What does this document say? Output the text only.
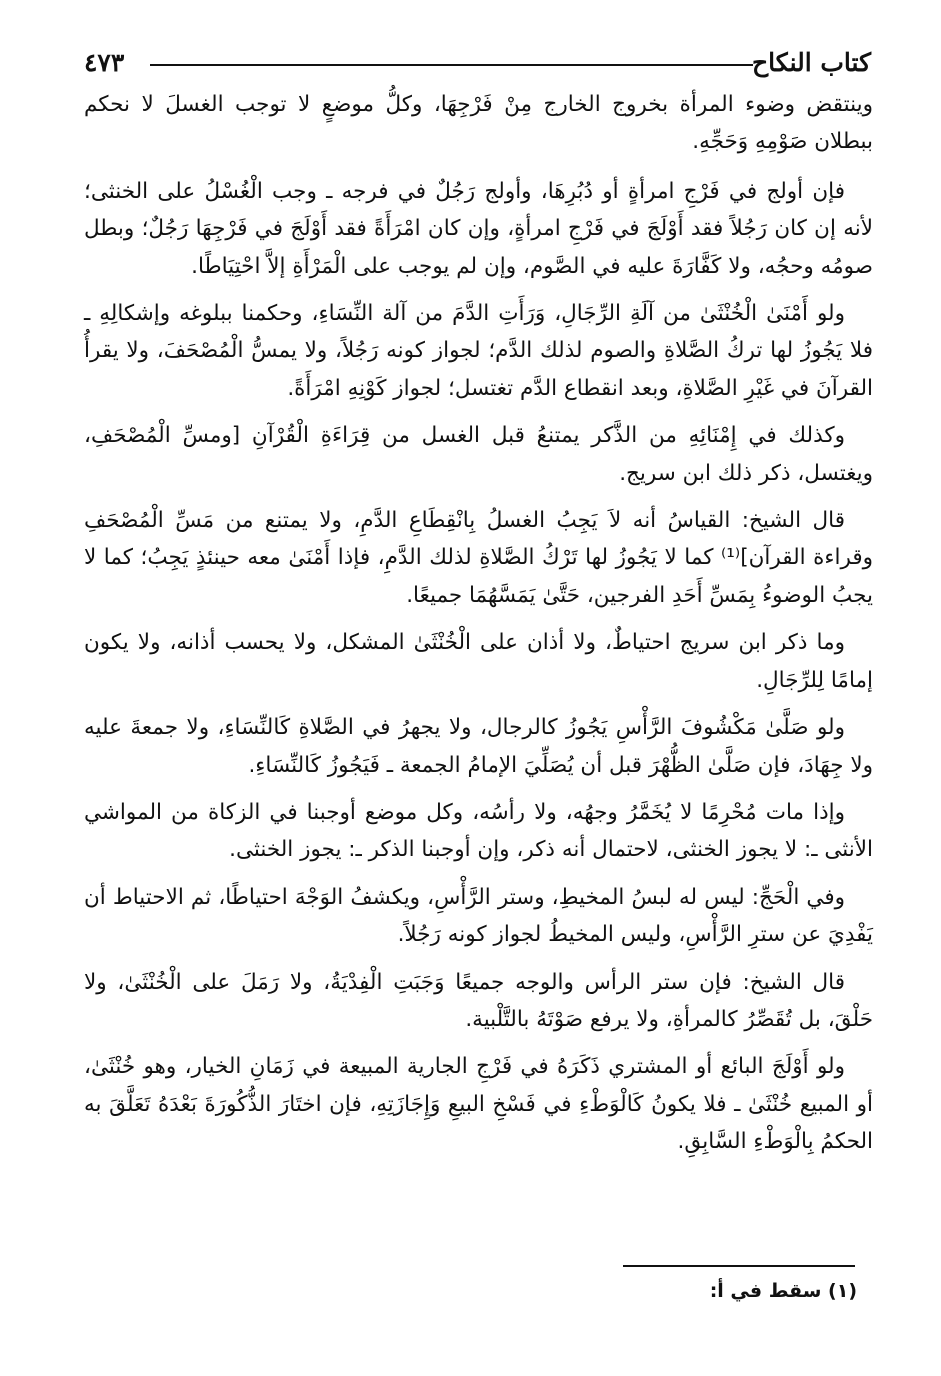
كتاب النكاح
٤٧٣

وينتقض وضوء المرأة بخروج الخارج مِنْ فَرْجِهَا، وكلُّ موضعٍ لا توجب الغسلَ لا نحكم ببطلان صَوْمِهِ وَحَجِّهِ.

فإن أولج في فَرْجِ امرأةٍ أو دُبُرِهَا، وأولج رَجُلٌ في فرجه ـ وجب الْغُسْلُ على الخنثى؛ لأنه إن كان رَجُلاً فقد أَوْلَجَ في فَرْجِ امرأةٍ، وإن كان امْرَأَةً فقد أَوْلَجَ في فَرْجِهَا رَجُلٌ؛ وبطل صومُه وحجُه، ولا كَفَّارَةَ عليه في الصَّوم، وإن لم يوجب على الْمَرْأَةِ إلاَّ احْتِيَاطًا.

ولو أَمْنَىٰ الْخُنْثَىٰ من آلَةِ الرِّجَالِ، وَرَأَتِ الدَّمَ من آلة النِّسَاءِ، وحكمنا ببلوغه وإشكالِهِ ـ فلا يَجُوزُ لها تركُ الصَّلاةِ والصوم لذلك الدَّم؛ لجواز كونه رَجُلاً، ولا يمسُّ الْمُصْحَفَ، ولا يقرأُ القرآنَ في غَيْرِ الصَّلاةِ، وبعد انقطاع الدَّم تغتسل؛ لجواز كَوْنِهِ امْرَأَةً.

وكذلك في إِمْنَائِهِ من الذَّكر يمتنعُ قبل الغسل من قِرَاءَةِ الْقُرْآنِ [ومسِّ الْمُصْحَفِ، ويغتسل، ذكر ذلك ابن سريج.

قال الشيخ: القياسُ أنه لاَ يَجِبُ الغسلُ بِانْقِطَاعِ الدَّمِ، ولا يمتنع من مَسِّ الْمُصْحَفِ وقراءة القرآن]⁽¹⁾ كما لا يَجُوزُ لها تَرْكُ الصَّلاةِ لذلك الدَّمِ، فإذا أَمْنَىٰ معه حينئذٍ يَجِبُ؛ كما لا يجبُ الوضوءُ بِمَسِّ أَحَدِ الفرجين، حَتَّىٰ يَمَسَّهُمَا جميعًا.

وما ذكر ابن سريج احتياطٌ، ولا أذان على الْخُنْثَىٰ المشكل، ولا يحسب أذانه، ولا يكون إمامًا لِلرِّجَالِ.

ولو صَلَّىٰ مَكْشُوفَ الرَّأْسِ يَجُوزُ كالرجال، ولا يجهرُ في الصَّلاةِ كَالنِّسَاءِ، ولا جمعةَ عليه ولا جِهَادَ، فإن صَلَّىٰ الظُّهْرَ قبل أن يُصَلِّيَ الإمامُ الجمعة ـ فَيَجُوزُ كَالنِّسَاءِ.

وإذا مات مُحْرِمًا لا يُخَمَّرُ وجهُه، ولا رأسُه، وكل موضع أوجبنا في الزكاة من المواشي الأنثى ـ: لا يجوز الخنثى، لاحتمال أنه ذكر، وإن أوجبنا الذكر ـ: يجوز الخنثى.

وفي الْحَجِّ: ليس له لبسُ المخيطِ، وستر الرَّأْسِ، ويكشفُ الوَجْهَ احتياطًا، ثم الاحتياط أن يَفْدِيَ عن سترِ الرَّأْسِ، وليس المخيطُ لجواز كونه رَجُلاً.

قال الشيخ: فإن ستر الرأس والوجه جميعًا وَجَبَتِ الْفِدْيَةُ، ولا رَمَلَ على الْخُنْثَىٰ، ولا حَلْقَ، بل تُقَصِّرُ كالمرأةِ، ولا يرفع صَوْتَهُ بالتَّلْبية.

ولو أَوْلَجَ البائع أو المشتري ذَكَرَهُ في فَرْجِ الجارية المبيعة في زَمَانِ الخيار، وهو خُنْثَىٰ، أو المبيع خُنْثَىٰ ـ فلا يكونُ كَالْوَطْءِ في فَسْخِ البيعِ وَإِجَازَتِهِ، فإن اختَارَ الذُّكُورَةَ بَعْدَهُ تَعَلَّقَ به الحكمُ بِالْوَطْءِ السَّابِقِ.

(١) سقط في أ:
